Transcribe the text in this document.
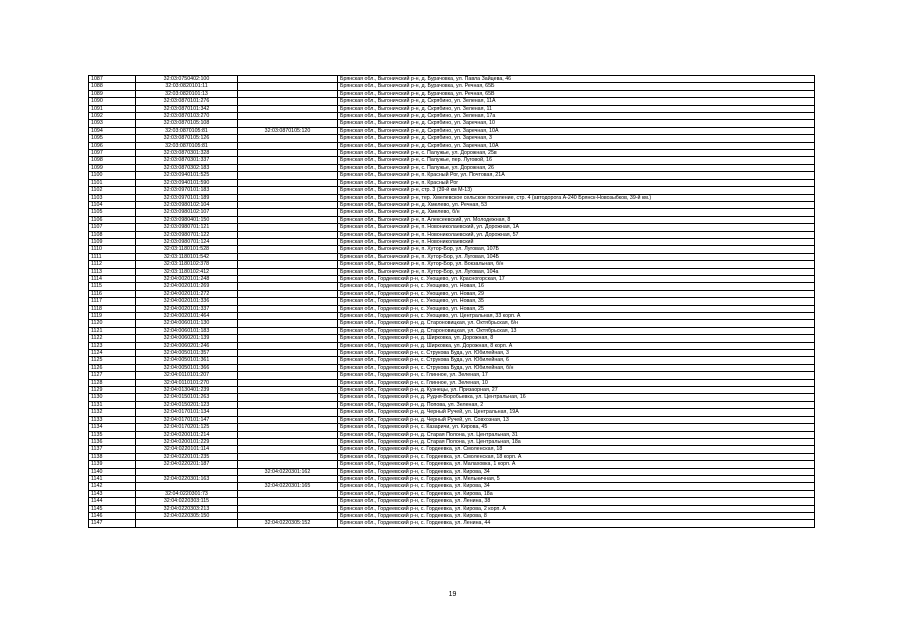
1087	32:03:0750402:100		Брянская обл., Выгоничский р-н, д. Бурачовка, ул. Павла Зайцева, 46
1088	32:03:0820101:11		Брянская обл., Выгоничский р-н, д. Бурачовка, ул. Речная, 65Б
1089	32:03:0820101:13		Брянская обл., Выгоничский р-н, д. Бурачовка, ул. Речная, 65В
1090	32:03:0870101:276		Брянская обл., Выгоничский р-н, д. Скрябино, ул. Зеленая, 11А
1091	32:03:0870101:342		Брянская обл., Выгоничский р-н, д. Скрябино, ул. Зеленая, 11
1092	32:03:0870103:270		Брянская обл., Выгоничский р-н, д. Скрябино, ул. Зеленая, 17а
1093	32:03:0870105:108		Брянская обл., Выгоничский р-н, д. Скрябино, ул. Заречная, 10
1094	32:03:0870105:81	32:03:0870105:120	Брянская обл., Выгоничский р-н, д. Скрябино, ул. Заречная, 10А
1095	32:03:0870105:126		Брянская обл., Выгоничский р-н, д. Скрябино, ул. Заречная, 3
1096	32:03:0870105:81		Брянская обл., Выгоничский р-н, д. Скрябино, ул. Заречная, 10А
1097	32:03:0870301:328		Брянская обл., Выгоничский р-н, с. Палужье, ул. Дорожная, 25в
1098	32:03:0870301:337		Брянская обл., Выгоничский р-н, с. Палужье, пер. Луговой, 16
1099	32:03:0870302:183		Брянская обл., Выгоничский р-н, с. Палужье, ул. Дорожная, 26
1100	32:03:0940101:525		Брянская обл., Выгоничский р-н, п. Красный Рог, ул. Почтовая, 21А
1101	32:03:0940101:590		Брянская обл., Выгоничский р-н, п. Красный Рог
1102	32:03:0970101:183		Брянская обл., Выгоничский р-н, стр. 3 (39-й км М-13)
1103	32:03:0970101:189		Брянская обл., Выгоничский р-н, тер. Хмелевское сельское поселение, стр. 4 (автодорога А-240 Брянск-Новозыбков, 39-й км.)
1104	32:03:0980102:104		Брянская обл., Выгоничский р-н, д. Хмелево, ул. Речная, 53
1105	32:03:0980102:107		Брянская обл., Выгоничский р-н, д. Хмелево, б/н
1106	32:03:0980401:150		Брянская обл., Выгоничский р-н, п. Алексеевский, ул. Молодежная, 8
1107	32:03:0980701:121		Брянская обл., Выгоничский р-н, п. Новониколаевский, ул. Дорожная, 1А
1108	32:03:0980701:122		Брянская обл., Выгоничский р-н, п. Новониколаевский, ул. Дорожная, 57
1109	32:03:0980701:124		Брянская обл., Выгоничский р-н, п. Новониколаевский
1110	32:03:1180101:528		Брянская обл., Выгоничский р-н, п. Хутор-Бор, ул. Луговая, 107Б
1111	32:03:1180101:542		Брянская обл., Выгоничский р-н, п. Хутор-Бор, ул. Луговая, 104Б
1112	32:03:1180102:378		Брянская обл., Выгоничский р-н, п. Хутор-Бор, ул. Вокзальная, б/н
1113	32:03:1180102:412		Брянская обл., Выгоничский р-н, п. Хутор-Бор, ул. Луговая, 104а
1114	32:04:0020101:248		Брянская обл., Гордеевский р-н, с. Унощево, ул. Красногорская, 17
1115	32:04:0020101:269		Брянская обл., Гордеевский р-н, с. Унощево, ул. Новая, 16
1116	32:04:0020101:272		Брянская обл., Гордеевский р-н, с. Унощево, ул. Новая, 29
1117	32:04:0020101:336		Брянская обл., Гордеевский р-н, с. Унощево, ул. Новая, 35
1118	32:04:0020101:337		Брянская обл., Гордеевский р-н, с. Унощево, ул. Новая, 25
1119	32:04:0020101:464		Брянская обл., Гордеевский р-н, с. Унощево, ул. Центральная, 33 корп. А
1120	32:04:0060101:130		Брянская обл., Гордеевский р-н, д. Староновицкая, ул. Октябрьская, б/н
1121	32:04:0060101:183		Брянская обл., Гордеевский р-н, д. Староновицкая, ул. Октябрьская, 13
1122	32:04:0060201:139		Брянская обл., Гордеевский р-н, д. Ширковка, ул. Дорожная, 8
1123	32:04:0060201:246		Брянская обл., Гордеевский р-н, д. Ширковка, ул. Дорожная, 8 корп. А
1124	32:04:0050101:357		Брянская обл., Гордеевский р-н, с. Струкова Буда, ул. Юбилейная, 3
1125	32:04:0050101:361		Брянская обл., Гордеевский р-н, с. Струкова Буда, ул. Юбилейная, 6
1126	32:04:0050101:366		Брянская обл., Гордеевский р-н, с. Струкова Буда, ул. Юбилейная, б/н
1127	32:04:0110101:207		Брянская обл., Гордеевский р-н, с. Глинное, ул. Зеленая, 17
1128	32:04:0110101:270		Брянская обл., Гордеевский р-н, с. Глинное, ул. Зеленая, 10
1129	32:04:0130401:239		Брянская обл., Гордеевский р-н, д. Кузнецы, ул. Призаорная, 27
1130	32:04:0150101:263		Брянская обл., Гордеевский р-н, д. Рудня-Воробьевка, ул. Центральная, 16
1131	32:04:0150201:123		Брянская обл., Гордеевский р-н, д. Попова, ул. Зеленая, 2
1132	32:04:0170101:134		Брянская обл., Гордеевский р-н, д. Черный Ручей, ул. Центральная, 19А
1133	32:04:0170101:147		Брянская обл., Гордеевский р-н, д. Черный Ручей, ул. Совхозная, 13
1134	32:04:0170201:125		Брянская обл., Гордеевский р-н, с. Казаричи, ул. Кирова, 45
1135	32:04:0200101:214		Брянская обл., Гордеевский р-н, д. Старая Полона, ул. Центральная, 31
1136	32:04:0200101:229		Брянская обл., Гордеевский р-н, д. Старая Полона, ул. Центральная, 18а
1137	32:04:0220101:114		Брянская обл., Гордеевский р-н, с. Гордеевка, ул. Смоленская, 18
1138	32:04:0220101:235		Брянская обл., Гордеевский р-н, с. Гордеевка, ул. Смоленская, 18 корп. А
1139	32:04:0220201:187		Брянская обл., Гордеевский р-н, с. Гордеевка, ул. Малаховка, 1 корп. А
1140		32:04:0220301:162	Брянская обл., Гордеевский р-н, с. Гордеевка, ул. Кирова, 34
1141	32:04:0220301:163		Брянская обл., Гордеевский р-н, с. Гордеевка, ул. Мельничная, 5
1142		32:04:0220301:165	Брянская обл., Гордеевский р-н, с. Гордеевка, ул. Кирова, 34
1143	32:04:0220301:73		Брянская обл., Гордеевский р-н, с. Гордеевка, ул. Кирова, 18а
1144	32:04:0220303:115		Брянская обл., Гордеевский р-н, с. Гордеевка, ул. Ленина, 38
1145	32:04:0220303:213		Брянская обл., Гордеевский р-н, с. Гордеевка, ул. Кирова, 2 корп. А
1146	32:04:0220305:150		Брянская обл., Гордеевский р-н, с. Гордеевка, ул. Кирова, 8
1147		32:04:0220305:152	Брянская обл., Гордеевский р-н, с. Гордеевка, ул. Ленина, 44
19
